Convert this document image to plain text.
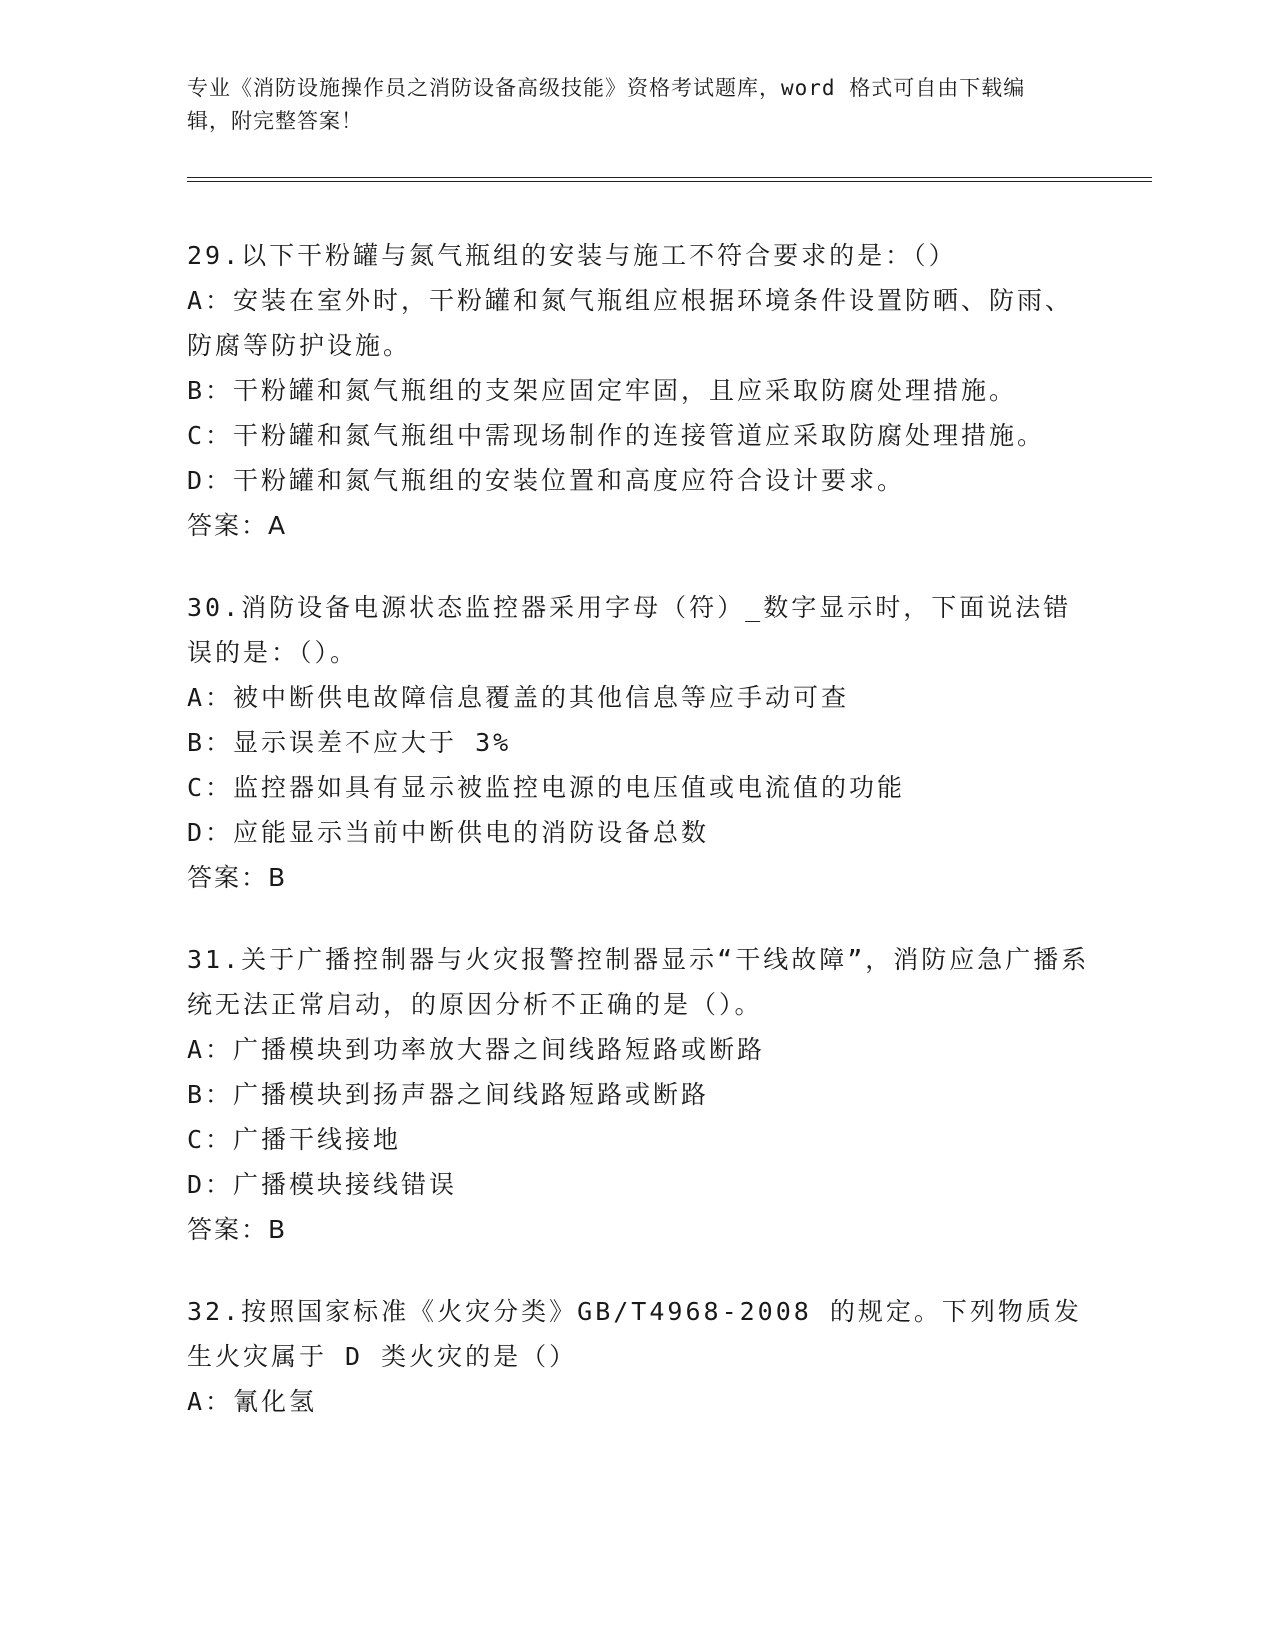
专业《消防设施操作员之消防设备高级技能》资格考试题库，word 格式可自由下载编辑，附完整答案！

29.以下干粉罐与氮气瓶组的安装与施工不符合要求的是：（）

A：安装在室外时，干粉罐和氮气瓶组应根据环境条件设置防晒、防雨、防腐等防护设施。

B：干粉罐和氮气瓶组的支架应固定牢固，且应采取防腐处理措施。

C：干粉罐和氮气瓶组中需现场制作的连接管道应采取防腐处理措施。

D：干粉罐和氮气瓶组的安装位置和高度应符合设计要求。

答案：A

30.消防设备电源状态监控器采用字母（符）_数字显示时，下面说法错误的是：（）。

A：被中断供电故障信息覆盖的其他信息等应手动可查

B：显示误差不应大于 3%

C：监控器如具有显示被监控电源的电压值或电流值的功能

D：应能显示当前中断供电的消防设备总数

答案：B

31.关于广播控制器与火灾报警控制器显示“干线故障”，消防应急广播系统无法正常启动，的原因分析不正确的是（）。

A：广播模块到功率放大器之间线路短路或断路

B：广播模块到扬声器之间线路短路或断路

C：广播干线接地

D：广播模块接线错误

答案：B

32.按照国家标准《火灾分类》GB/T4968-2008 的规定。下列物质发生火灾属于 D 类火灾的是（）

A：氰化氢
